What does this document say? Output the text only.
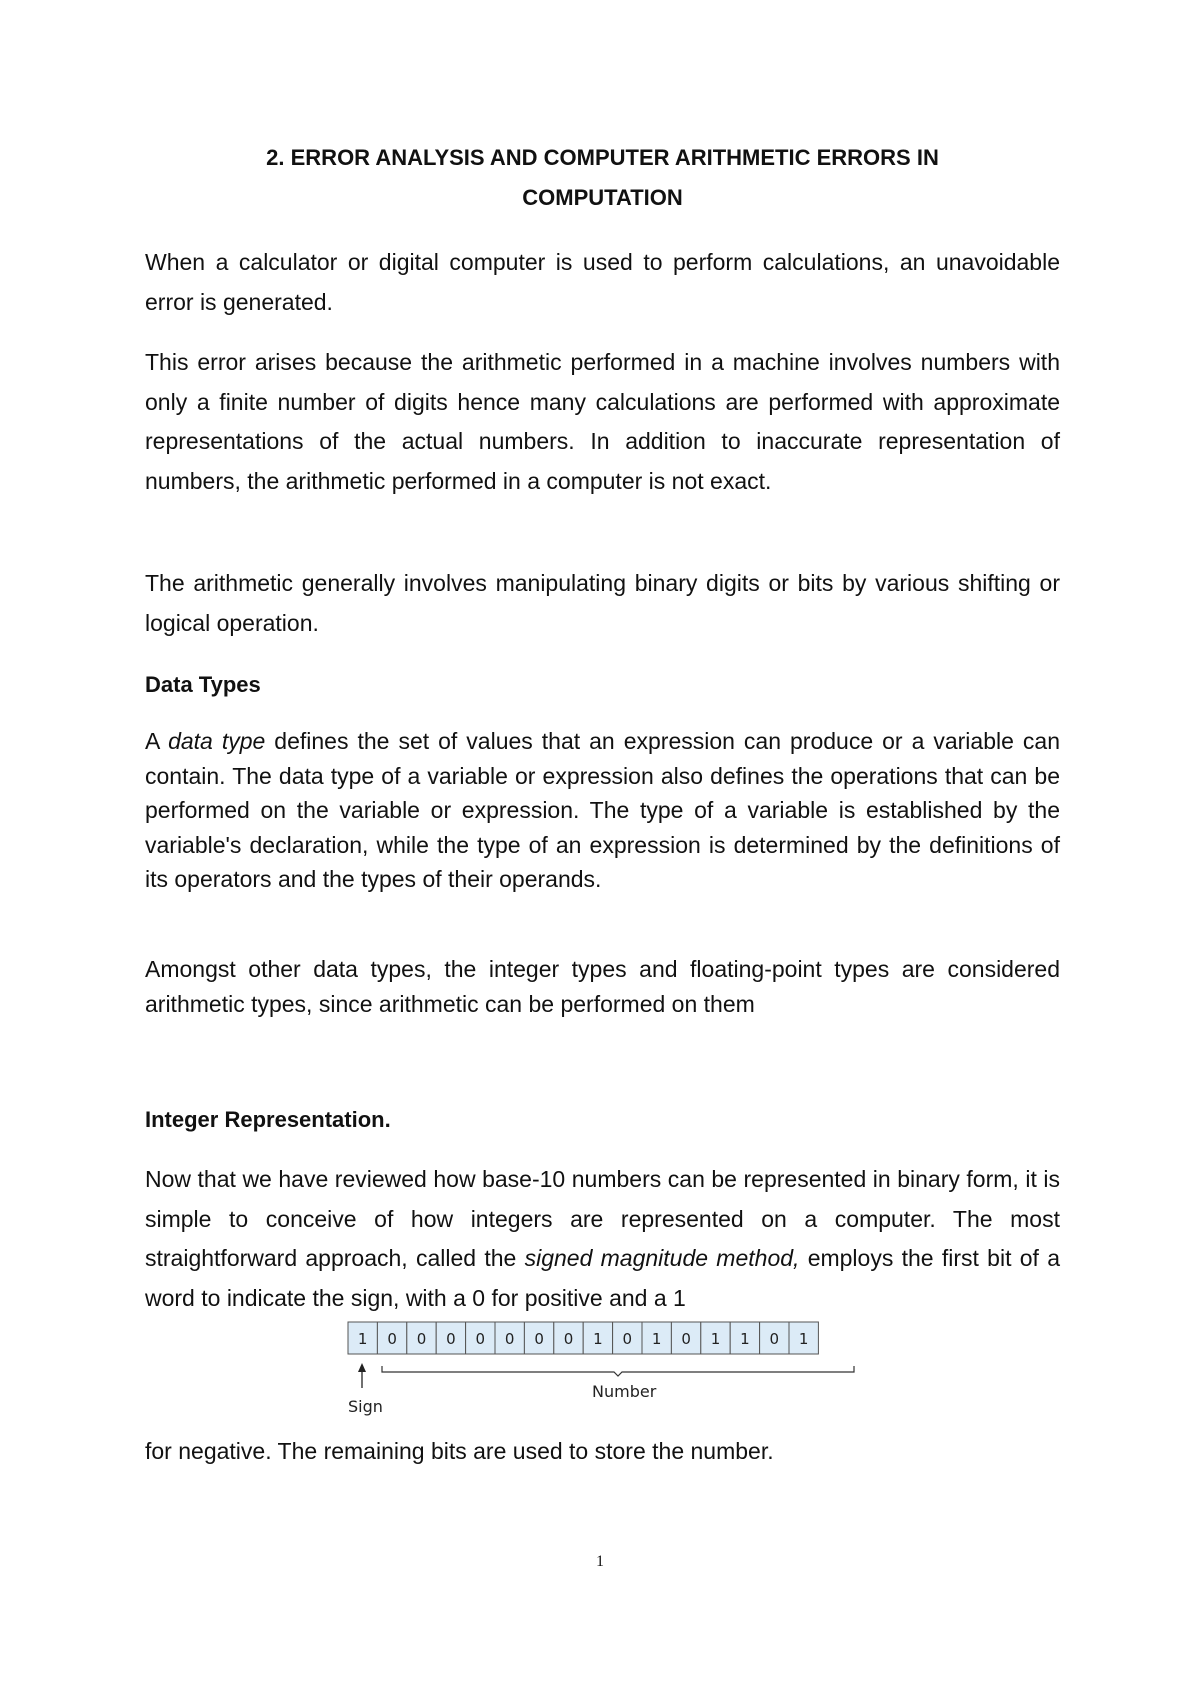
2. ERROR ANALYSIS AND COMPUTER ARITHMETIC ERRORS IN
COMPUTATION

When a calculator or digital computer is used to perform calculations, an unavoidable error is generated.

This error arises because the arithmetic performed in a machine involves numbers with only a finite number of digits hence many calculations are performed with approximate representations of the actual numbers. In addition to inaccurate representation of numbers, the arithmetic performed in a computer is not exact.

The arithmetic generally involves manipulating binary digits or bits by various shifting or logical operation.

Data Types

A data type defines the set of values that an expression can produce or a variable can contain. The data type of a variable or expression also defines the operations that can be performed on the variable or expression. The type of a variable is established by the variable's declaration, while the type of an expression is determined by the definitions of its operators and the types of their operands.

Amongst other data types, the integer types and floating-point types are considered arithmetic types, since arithmetic can be performed on them

Integer Representation.

Now that we have reviewed how base-10 numbers can be represented in binary form, it is simple to conceive of how integers are represented on a computer. The most straightforward approach, called the signed magnitude method, employs the first bit of a word to indicate the sign, with a 0 for positive and a 1

1 0 0 0 0 0 0 0 1 0 1 0 1 1 0 1
Sign
Number

for negative. The remaining bits are used to store the number.

1
